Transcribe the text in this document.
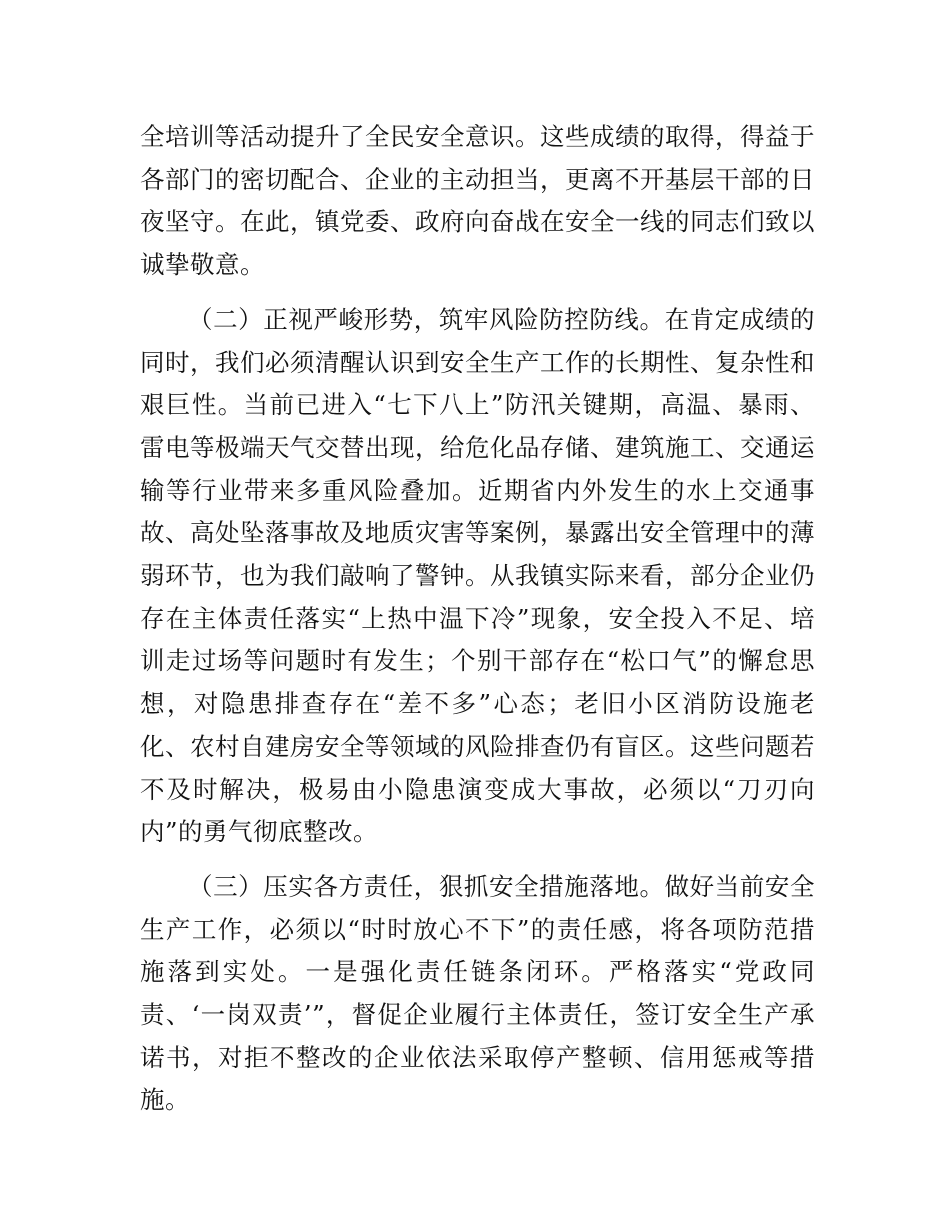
全培训等活动提升了全民安全意识。这些成绩的取得，得益于各部门的密切配合、企业的主动担当，更离不开基层干部的日夜坚守。在此，镇党委、政府向奋战在安全一线的同志们致以诚挚敬意。

（二）正视严峻形势，筑牢风险防控防线。在肯定成绩的同时，我们必须清醒认识到安全生产工作的长期性、复杂性和艰巨性。当前已进入“七下八上”防汛关键期，高温、暴雨、雷电等极端天气交替出现，给危化品存储、建筑施工、交通运输等行业带来多重风险叠加。近期省内外发生的水上交通事故、高处坠落事故及地质灾害等案例，暴露出安全管理中的薄弱环节，也为我们敲响了警钟。从我镇实际来看，部分企业仍存在主体责任落实“上热中温下冷”现象，安全投入不足、培训走过场等问题时有发生；个别干部存在“松口气”的懈怠思想，对隐患排查存在“差不多”心态；老旧小区消防设施老化、农村自建房安全等领域的风险排查仍有盲区。这些问题若不及时解决，极易由小隐患演变成大事故，必须以“刀刃向内”的勇气彻底整改。

（三）压实各方责任，狠抓安全措施落地。做好当前安全生产工作，必须以“时时放心不下”的责任感，将各项防范措施落到实处。一是强化责任链条闭环。严格落实“党政同责、‘一岗双责’”，督促企业履行主体责任，签订安全生产承诺书，对拒不整改的企业依法采取停产整顿、信用惩戒等措施。
